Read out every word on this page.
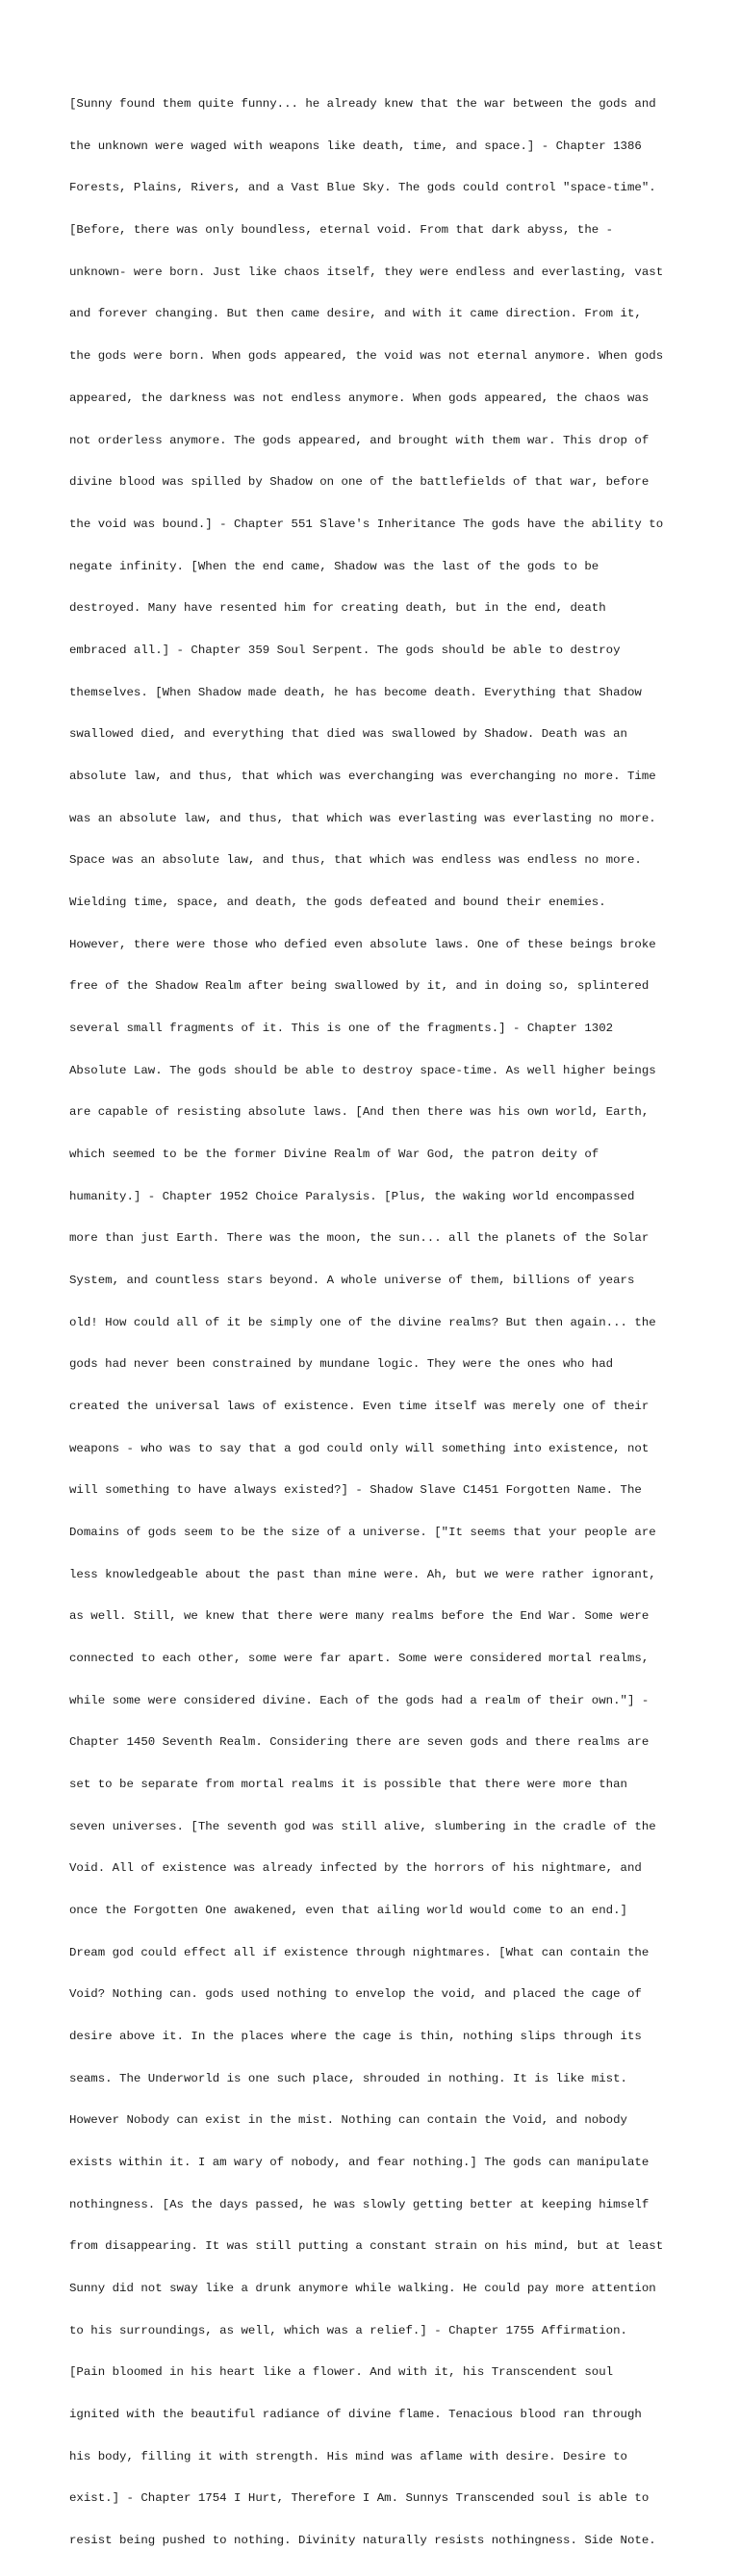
[Sunny found them quite funny... he already knew that the war between the gods and

the unknown were waged with weapons like death, time, and space.] - Chapter 1386

Forests, Plains, Rivers, and a Vast Blue Sky. The gods could control "space-time".

[Before, there was only boundless, eternal void. From that dark abyss, the -

unknown- were born. Just like chaos itself, they were endless and everlasting, vast

and forever changing. But then came desire, and with it came direction. From it,

the gods were born. When gods appeared, the void was not eternal anymore. When gods

appeared, the darkness was not endless anymore. When gods appeared, the chaos was

not orderless anymore. The gods appeared, and brought with them war. This drop of

divine blood was spilled by Shadow on one of the battlefields of that war, before

the void was bound.] - Chapter 551 Slave's Inheritance The gods have the ability to

negate infinity. [When the end came, Shadow was the last of the gods to be

destroyed. Many have resented him for creating death, but in the end, death

embraced all.] - Chapter 359 Soul Serpent. The gods should be able to destroy

themselves. [When Shadow made death, he has become death. Everything that Shadow

swallowed died, and everything that died was swallowed by Shadow. Death was an

absolute law, and thus, that which was everchanging was everchanging no more. Time

was an absolute law, and thus, that which was everlasting was everlasting no more.

Space was an absolute law, and thus, that which was endless was endless no more.

Wielding time, space, and death, the gods defeated and bound their enemies.

However, there were those who defied even absolute laws. One of these beings broke

free of the Shadow Realm after being swallowed by it, and in doing so, splintered

several small fragments of it. This is one of the fragments.] - Chapter 1302

Absolute Law. The gods should be able to destroy space-time. As well higher beings

are capable of resisting absolute laws. [And then there was his own world, Earth,

which seemed to be the former Divine Realm of War God, the patron deity of

humanity.] - Chapter 1952 Choice Paralysis. [Plus, the waking world encompassed

more than just Earth. There was the moon, the sun... all the planets of the Solar

System, and countless stars beyond. A whole universe of them, billions of years

old! How could all of it be simply one of the divine realms? But then again... the

gods had never been constrained by mundane logic. They were the ones who had

created the universal laws of existence. Even time itself was merely one of their

weapons - who was to say that a god could only will something into existence, not

will something to have always existed?] - Shadow Slave C1451 Forgotten Name. The

Domains of gods seem to be the size of a universe. ["It seems that your people are

less knowledgeable about the past than mine were. Ah, but we were rather ignorant,

as well. Still, we knew that there were many realms before the End War. Some were

connected to each other, some were far apart. Some were considered mortal realms,

while some were considered divine. Each of the gods had a realm of their own."] -

Chapter 1450 Seventh Realm. Considering there are seven gods and there realms are

set to be separate from mortal realms it is possible that there were more than

seven universes. [The seventh god was still alive, slumbering in the cradle of the

Void. All of existence was already infected by the horrors of his nightmare, and

once the Forgotten One awakened, even that ailing world would come to an end.]

Dream god could effect all if existence through nightmares. [What can contain the

Void? Nothing can. gods used nothing to envelop the void, and placed the cage of

desire above it. In the places where the cage is thin, nothing slips through its

seams. The Underworld is one such place, shrouded in nothing. It is like mist.

However Nobody can exist in the mist. Nothing can contain the Void, and nobody

exists within it. I am wary of nobody, and fear nothing.] The gods can manipulate

nothingness. [As the days passed, he was slowly getting better at keeping himself

from disappearing. It was still putting a constant strain on his mind, but at least

Sunny did not sway like a drunk anymore while walking. He could pay more attention

to his surroundings, as well, which was a relief.] - Chapter 1755 Affirmation.

[Pain bloomed in his heart like a flower. And with it, his Transcendent soul

ignited with the beautiful radiance of divine flame. Tenacious blood ran through

his body, filling it with strength. His mind was aflame with desire. Desire to

exist.] - Chapter 1754 I Hurt, Therefore I Am. Sunnys Transcended soul is able to

resist being pushed to nothing. Divinity naturally resists nothingness. Side Note.
